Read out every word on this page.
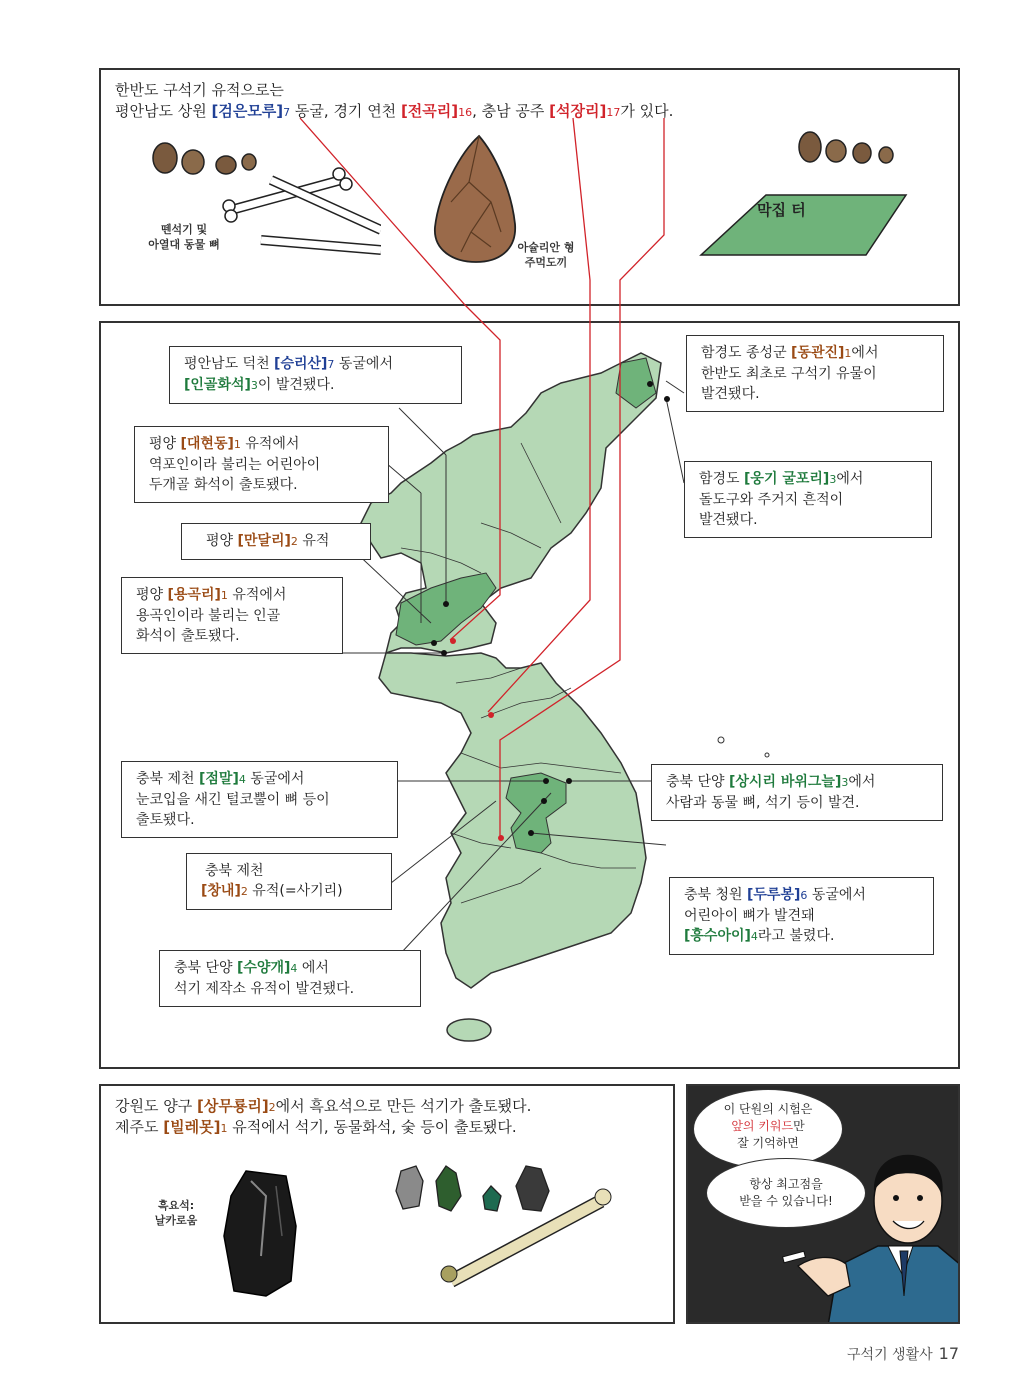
한반도 구석기 유적으로는
평안남도 상원 [검은모루]7 동굴, 경기 연천 [전곡리]16, 충남 공주 [석장리]17가 있다.
뗀석기 및
아열대 동물 뼈	아슐리안 형
주먹도끼
막집 터
평안남도 덕천 [승리산]7 동굴에서
[인골화석]3이 발견됐다.
평양 [대현동]1 유적에서
역포인이라 불리는 어린아이
두개골 화석이 출토됐다.
평양 [만달리]2 유적
평양 [용곡리]1 유적에서
용곡인이라 불리는 인골
화석이 출토됐다.
함경도 종성군 [동관진]1에서
한반도 최초로 구석기 유물이
발견됐다.
함경도 [웅기 굴포리]3에서
돌도구와 주거지 흔적이
발견됐다.
충북 제천 [점말]4 동굴에서
눈코입을 새긴 털코뿔이 뼈 등이
출토됐다.
충북 단양 [상시리 바위그늘]3에서
사람과 동물 뼈, 석기 등이 발견.
충북 제천
[창내]2 유적(=사기리)	충북 청원 [두루봉]6 동굴에서
어린아이 뼈가 발견돼
[흥수아이]4라고 불렸다.
충북 단양 [수양개]4 에서
석기 제작소 유적이 발견됐다.
강원도 양구 [상무룡리]2에서 흑요석으로 만든 석기가 출토됐다.
제주도 [빌레못]1 유적에서 석기, 동물화석, 숯 등이 출토됐다.
흑요석:
날카로움
이 단원의 시험은
앞의 키워드만
잘 기억하면
항상 최고점을
받을 수 있습니다!
구석기 생활사 17
